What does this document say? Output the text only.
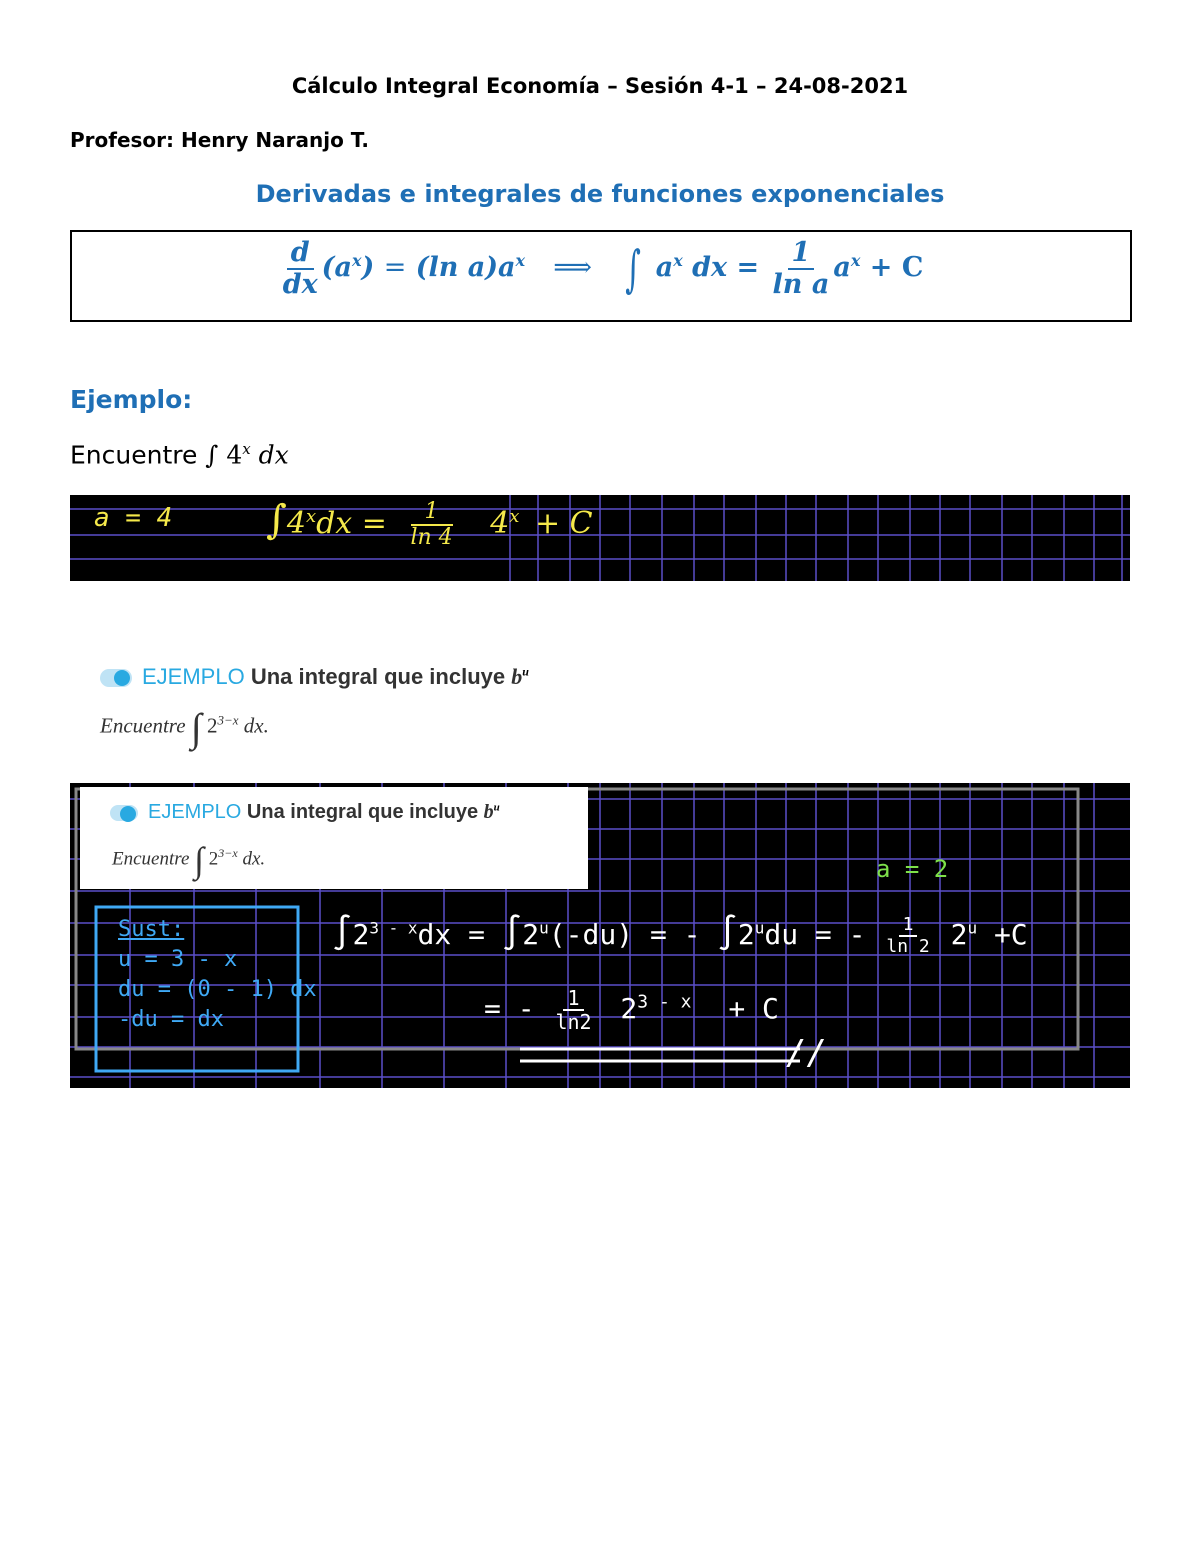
Cálculo Integral Economía – Sesión 4-1 – 24-08-2021
Profesor: Henry Naranjo T.
Derivadas e integrales de funciones exponenciales
$\frac{d}{dx} (a^x) = (\ln$ $a)a^x$ ⟹ ∫ $a^x$ dx = $\frac{1}{\text{ln a}} a^x + C$
Ejemplo:
Encuentre ∫ 4$^x$ dx
a = 4 $\int 4^xdx = \frac{1}{\ln 4} 4^x + C$
EJEMPLO Una integral que incluye $b^u$
Encuentre ∫ $2^{3-x}$ dx.
EJEMPLO Una integral que incluye $b^u$
Encuentre ∫ $2^{3-x}$ dx.	a = 2
Sust:
u = 3 - x
du = (0 - 1) dx
-du = dx
$\int 2^{3 - x}dx = \int 2^u(-du)$ = - $\int 2^udu$ = - $\frac{1}{\ln 2} 2^u +C$
= - $\frac{1}{\ln 2} 2^{3 - x} + C$
//
